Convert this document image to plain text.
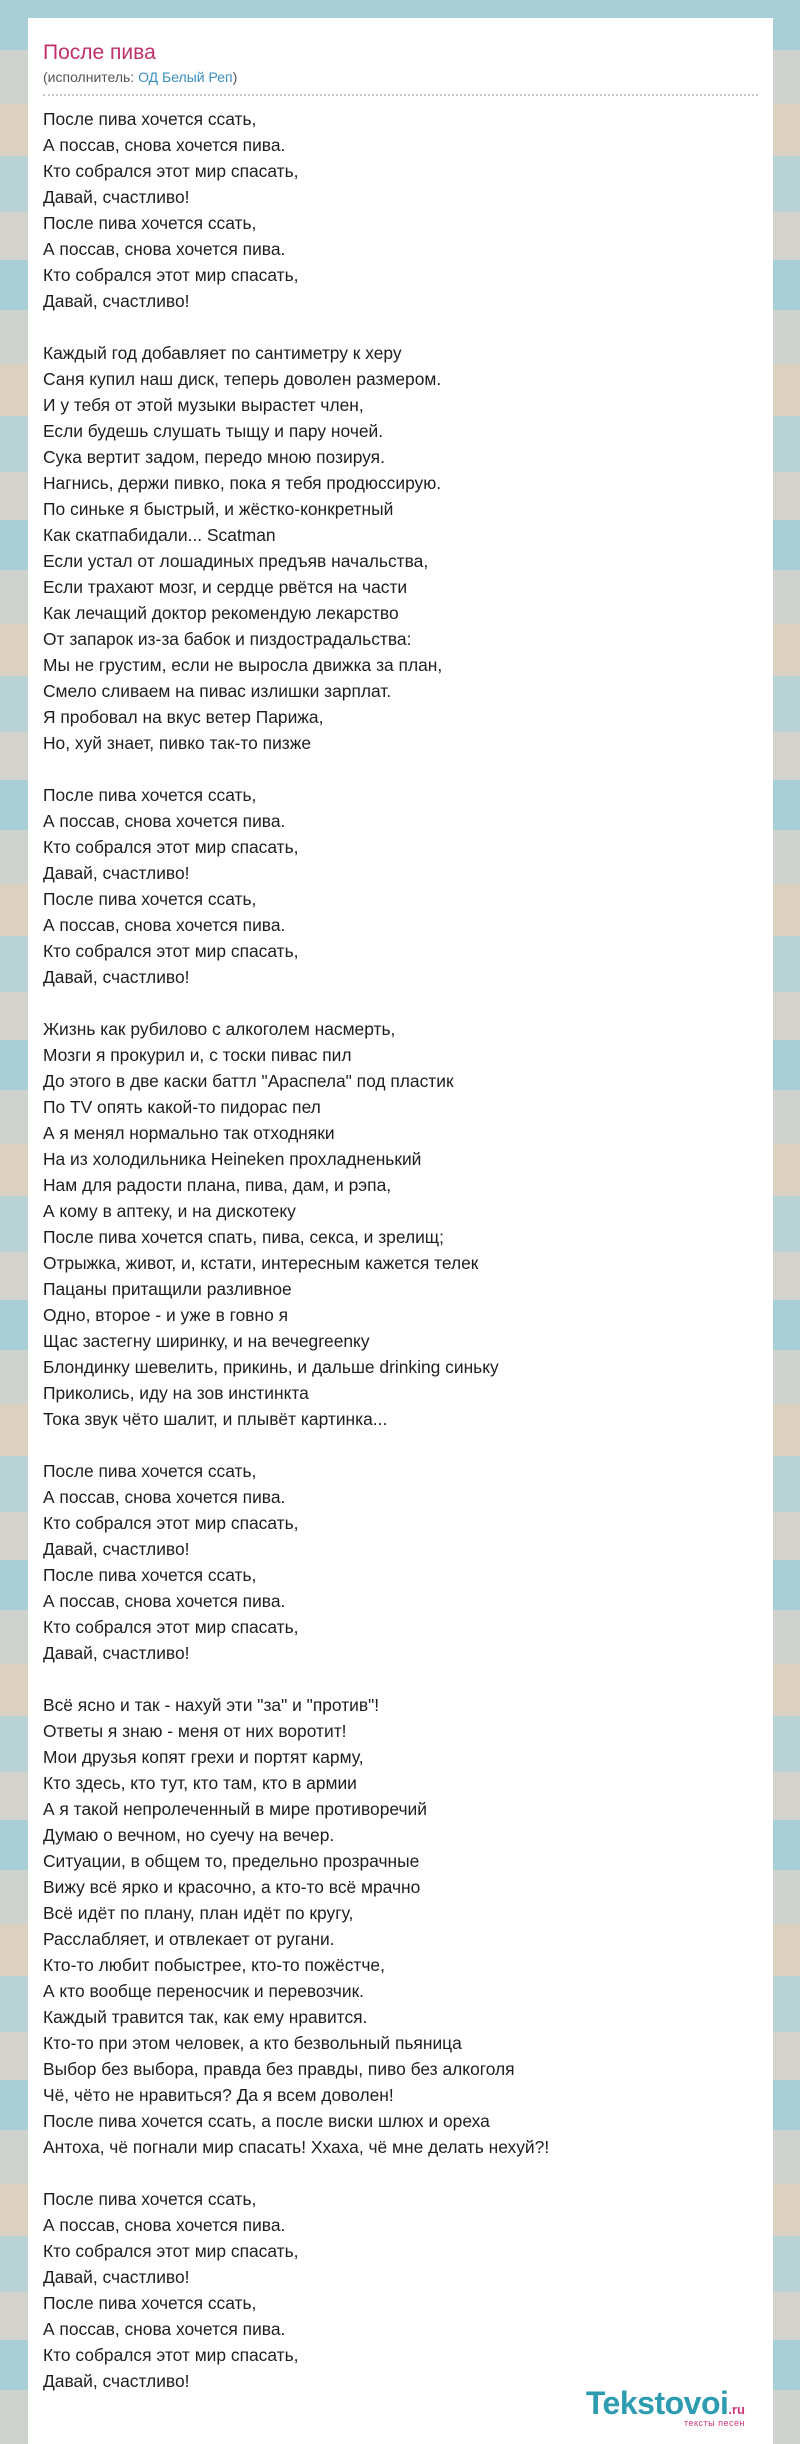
После пива
(исполнитель: ОД Белый Реп)
После пива хочется ссать,
А поссав, снова хочется пива.
Кто собрался этот мир спасать,
Давай, счастливо!
После пива хочется ссать,
А поссав, снова хочется пива.
Кто собрался этот мир спасать,
Давай, счастливо!
Каждый год добавляет по сантиметру к херу
Саня купил наш диск, теперь доволен размером.
И у тебя от этой музыки вырастет член,
Если будешь слушать тыщу и пару ночей.
Сука вертит задом, передо мною позируя.
Нагнись, держи пивко, пока я тебя продюссирую.
По синьке я быстрый, и жёстко-конкретный
Как скатпабидали... Scatman
Если устал от лошадиных предъяв начальства,
Если трахают мозг, и сердце рвётся на части
Как лечащий доктор рекомендую лекарство
От запарок из-за бабок и пиздострадальства:
Мы не грустим, если не выросла движка за план,
Смело сливаем на пивас излишки зарплат.
Я пробовал на вкус ветер Парижа,
Но, хуй знает, пивко так-то пизже
После пива хочется ссать,
А поссав, снова хочется пива.
Кто собрался этот мир спасать,
Давай, счастливо!
После пива хочется ссать,
А поссав, снова хочется пива.
Кто собрался этот мир спасать,
Давай, счастливо!
Жизнь как рубилово с алкоголем насмерть,
Мозги я прокурил и, с тоски пивас пил
До этого в две каски баттл "Араспела" под пластик
По TV опять какой-то пидорас пел
А я менял нормально так отходняки
На из холодильника Heineken прохладненький
Нам для радости плана, пива, дам, и рэпа,
А кому в аптеку, и на дискотеку
После пива хочется спать, пива, секса, и зрелищ;
Отрыжка, живот, и, кстати, интересным кажется телек
Пацаны притащили разливное
Одно, второе - и уже в говно я
Щас застегну ширинку, и на вечеgreenку
Блондинку шевелить, прикинь, и дальше drinking синьку
Приколись, иду на зов инстинкта
Тока звук чёто шалит, и плывёт картинка...
После пива хочется ссать,
А поссав, снова хочется пива.
Кто собрался этот мир спасать,
Давай, счастливо!
После пива хочется ссать,
А поссав, снова хочется пива.
Кто собрался этот мир спасать,
Давай, счастливо!
Всё ясно и так - нахуй эти "за" и "против"!
Ответы я знаю - меня от них воротит!
Мои друзья копят грехи и портят карму,
Кто здесь, кто тут, кто там, кто в армии
А я такой непролеченный в мире противоречий
Думаю о вечном, но суечу на вечер.
Ситуации, в общем то, предельно прозрачные
Вижу всё ярко и красочно, а кто-то всё мрачно
Всё идёт по плану, план идёт по кругу,
Расслабляет, и отвлекает от ругани.
Кто-то любит побыстрее, кто-то пожёстче,
А кто вообще переносчик и перевозчик.
Каждый травится так, как ему нравится.
Кто-то при этом человек, а кто безвольный пьяница
Выбор без выбора, правда без правды, пиво без алкоголя
Чё, чёто не нравиться? Да я всем доволен!
После пива хочется ссать, а после виски шлюх и ореха
Антоха, чё погнали мир спасать! Ххаха, чё мне делать нехуй?!
После пива хочется ссать,
А поссав, снова хочется пива.
Кто собрался этот мир спасать,
Давай, счастливо!
После пива хочется ссать,
А поссав, снова хочется пива.
Кто собрался этот мир спасать,
Давай, счастливо!
Tekstovoi.ru
тексты песен
